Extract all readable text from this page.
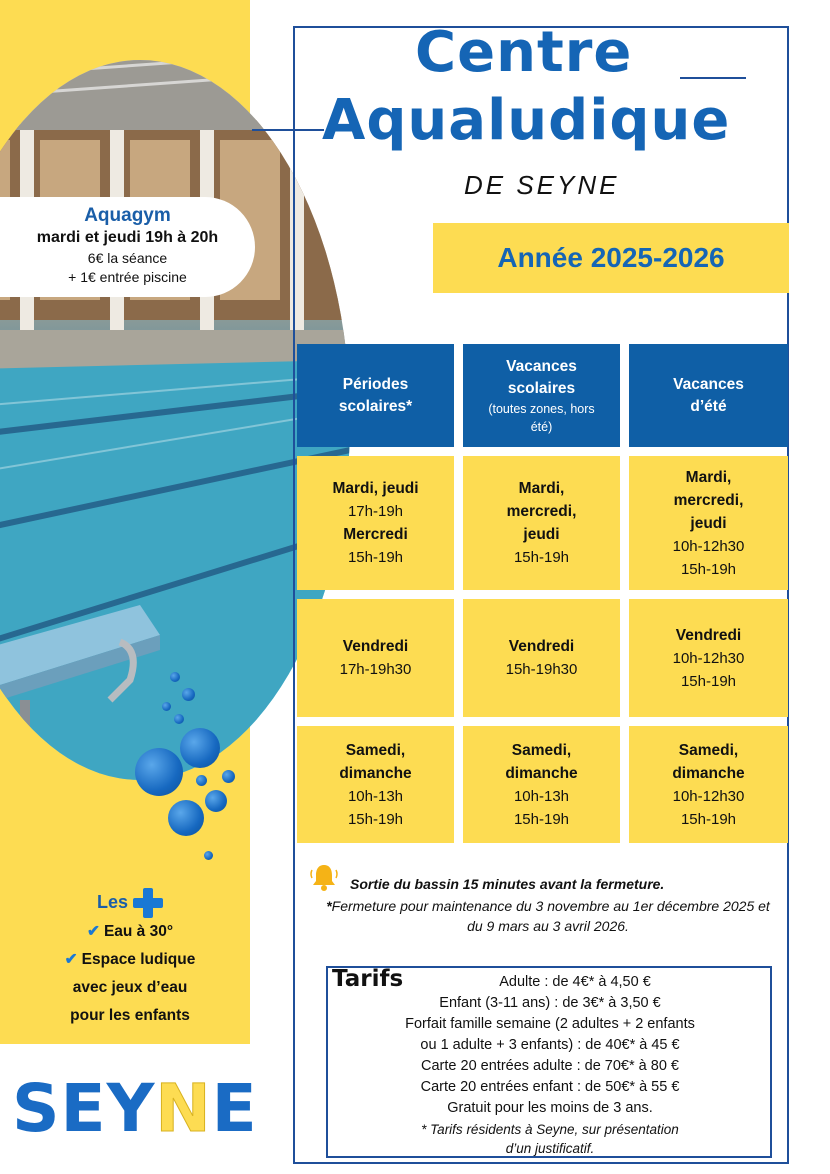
Aquagym
mardi et jeudi 19h à 20h
6€ la séance
+ 1€ entrée piscine
Les
✔ Eau à 30°
✔ Espace ludique
avec jeux d’eau
pour les enfants
SEYNE
Centre
Aqualudique
DE SEYNE
Année 2025-2026
Périodes scolaires*
Vacances scolaires
(toutes zones, hors été)
Vacances d’été
Mardi, jeudi
17h-19h
Mercredi
15h-19h
Mardi, mercredi, jeudi
15h-19h
Mardi, mercredi, jeudi
10h-12h30
15h-19h
Vendredi
17h-19h30
Vendredi
15h-19h30
Vendredi
10h-12h30
15h-19h
Samedi, dimanche
10h-13h
15h-19h
Samedi, dimanche
10h-13h
15h-19h
Samedi, dimanche
10h-12h30
15h-19h
Sortie du bassin 15 minutes avant la fermeture.
*Fermeture pour maintenance du 3 novembre au 1er décembre 2025 et du 9 mars au 3 avril 2026.
Tarifs	Adulte : de 4€* à 4,50 €
Enfant (3-11 ans) : de 3€* à 3,50 €
Forfait famille semaine (2 adultes + 2 enfants
ou 1 adulte + 3 enfants) : de 40€* à 45 €
Carte 20 entrées adulte : de 70€* à 80 €
Carte 20 entrées enfant : de 50€* à 55 €
Gratuit pour les moins de 3 ans.
* Tarifs résidents à Seyne, sur présentation
d’un justificatif.
